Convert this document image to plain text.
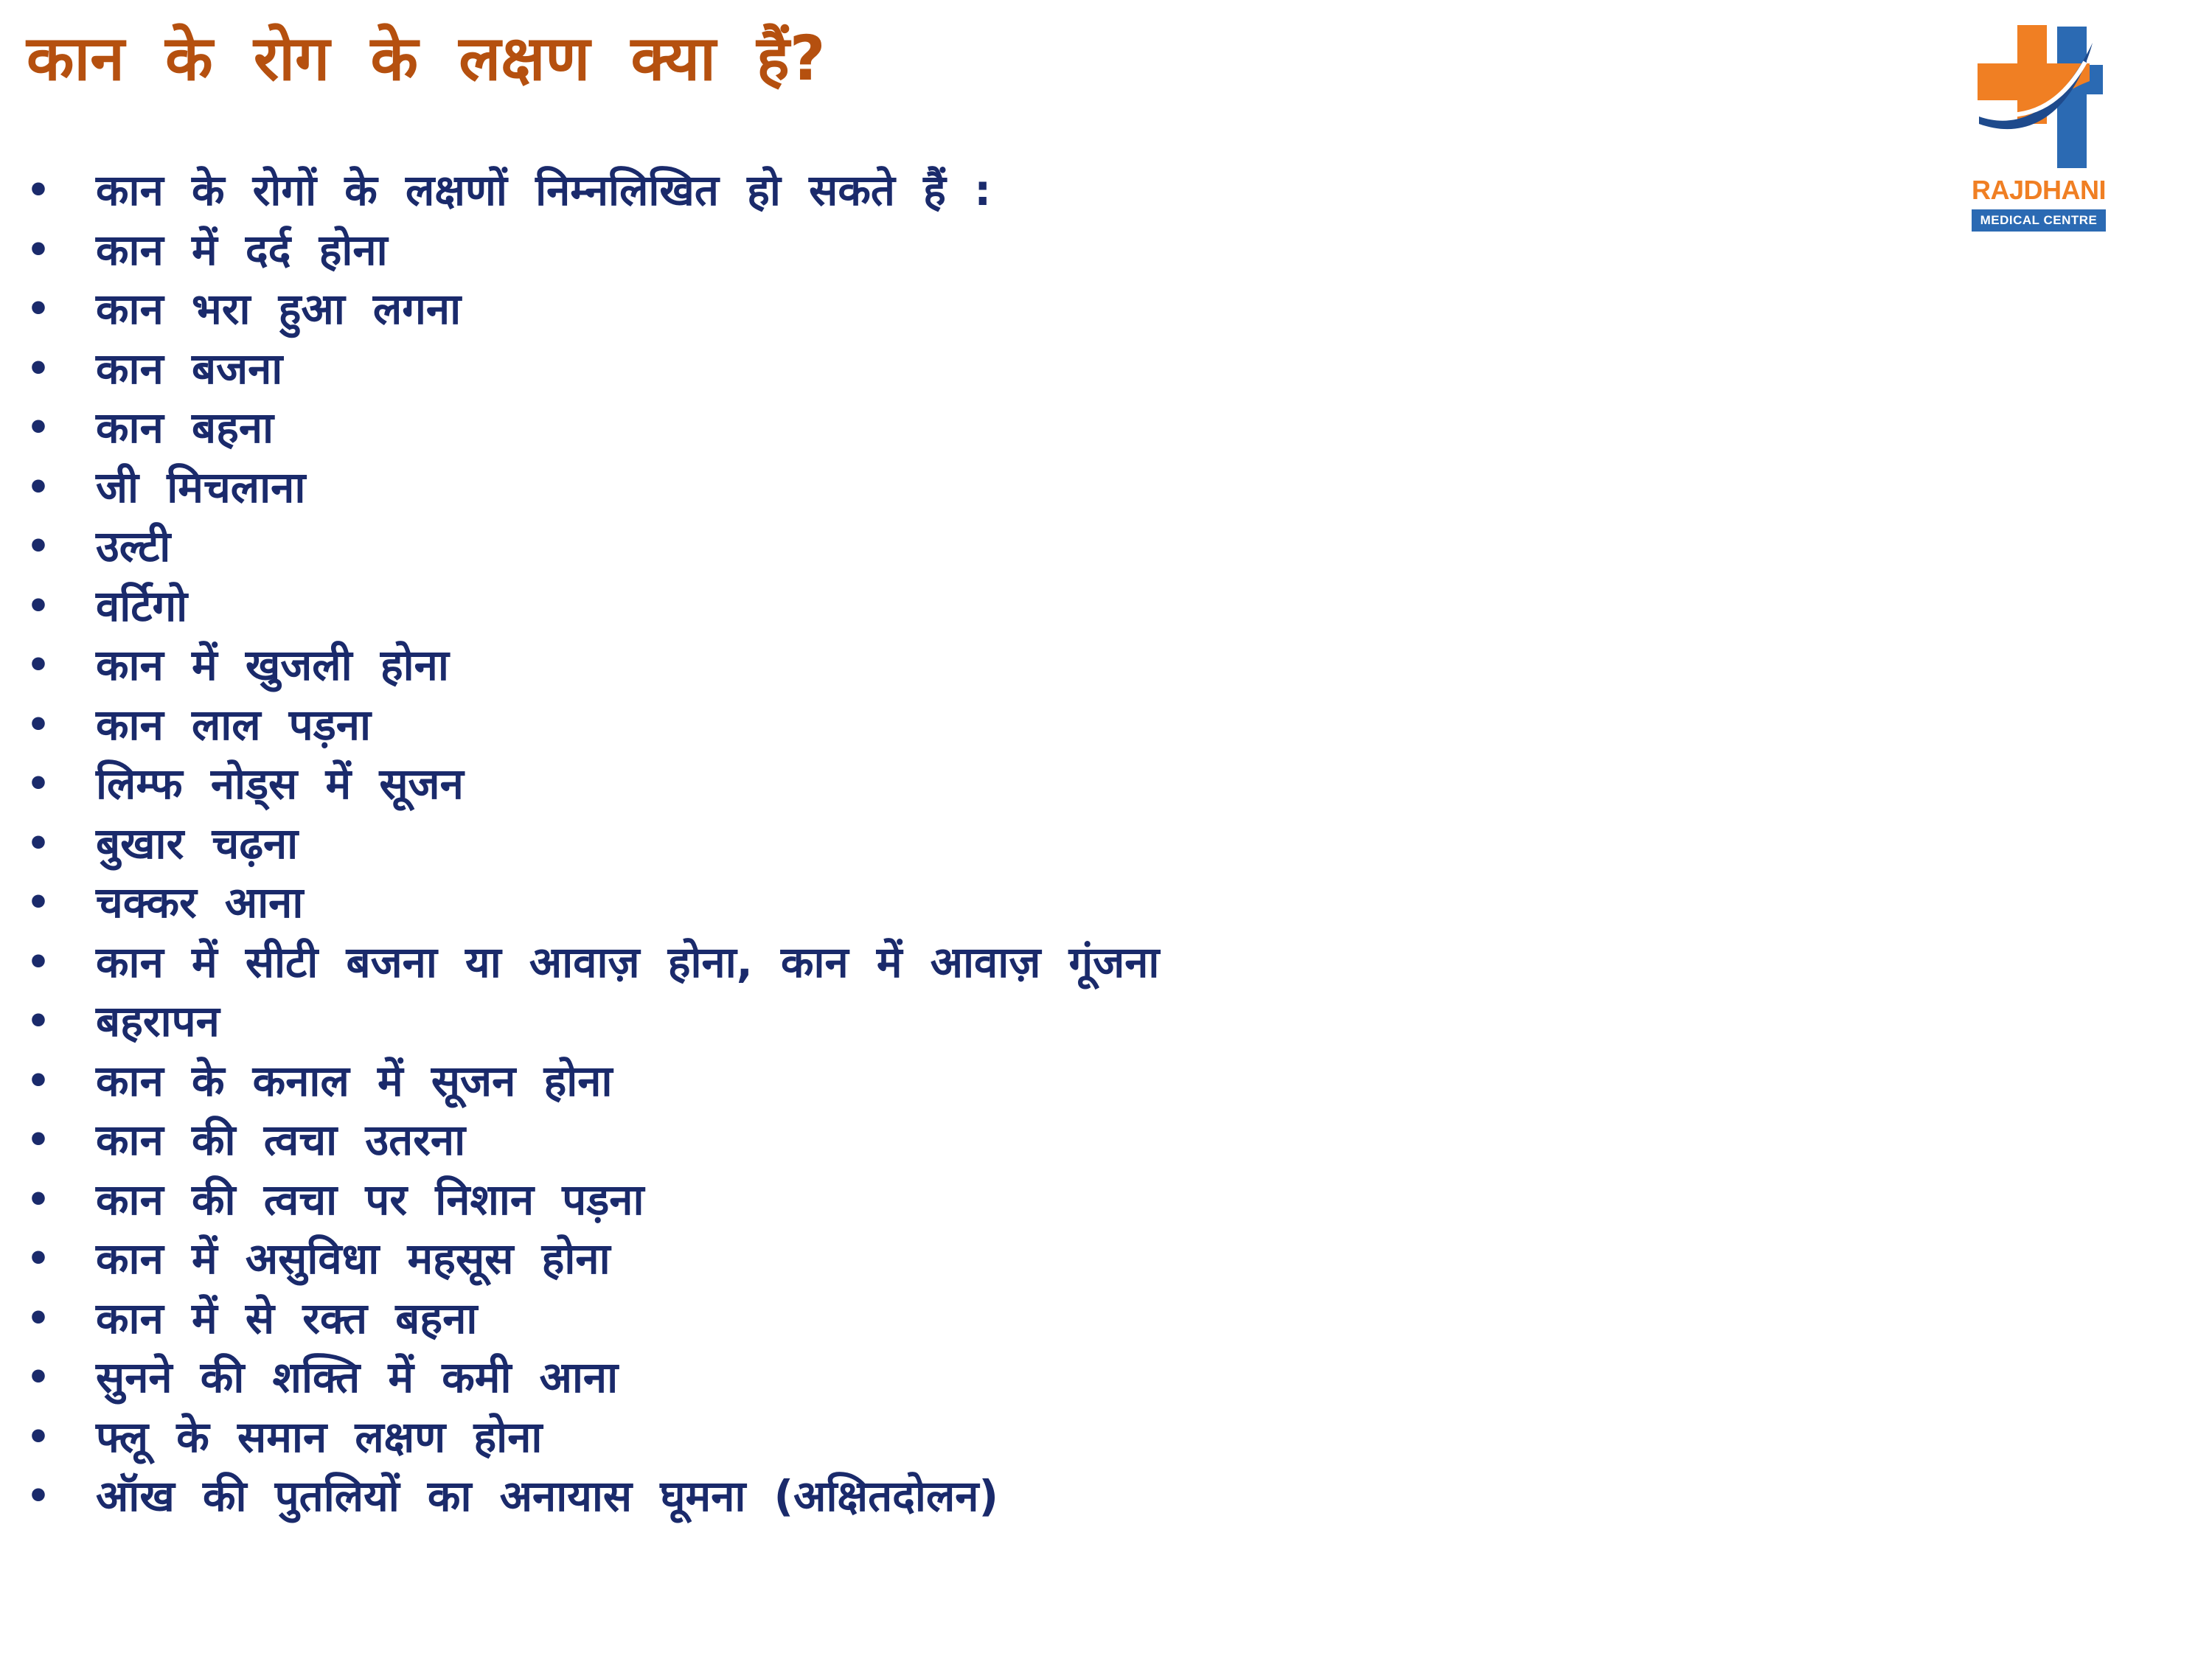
कान के रोग के लक्षण क्या हैं?
RAJDHANI
MEDICAL CENTRE
• कान के रोगों के लक्षणों निम्नलिखित हो सकते हैं :
• कान में दर्द होना
• कान भरा हुआ लगना
• कान बजना
• कान बहना
• जी मिचलाना
• उल्टी
• वर्टिगो
• कान में खुजली होना
• कान लाल पड़ना
• लिम्फ नोड्स में सूजन
• बुखार चढ़ना
• चक्कर आना
• कान में सीटी बजना या आवाज़ होना, कान में आवाज़ गूंजना
• बहरापन
• कान के कनाल में सूजन होना
• कान की त्वचा उतरना
• कान की त्वचा पर निशान पड़ना
• कान में असुविधा महसूस होना
• कान में से रक्त बहना
• सुनने की शक्ति में कमी आना
• फ्लू के समान लक्षण होना
• ऑख की पुतलियों का अनायास घूमना (अक्षितदोलन)
